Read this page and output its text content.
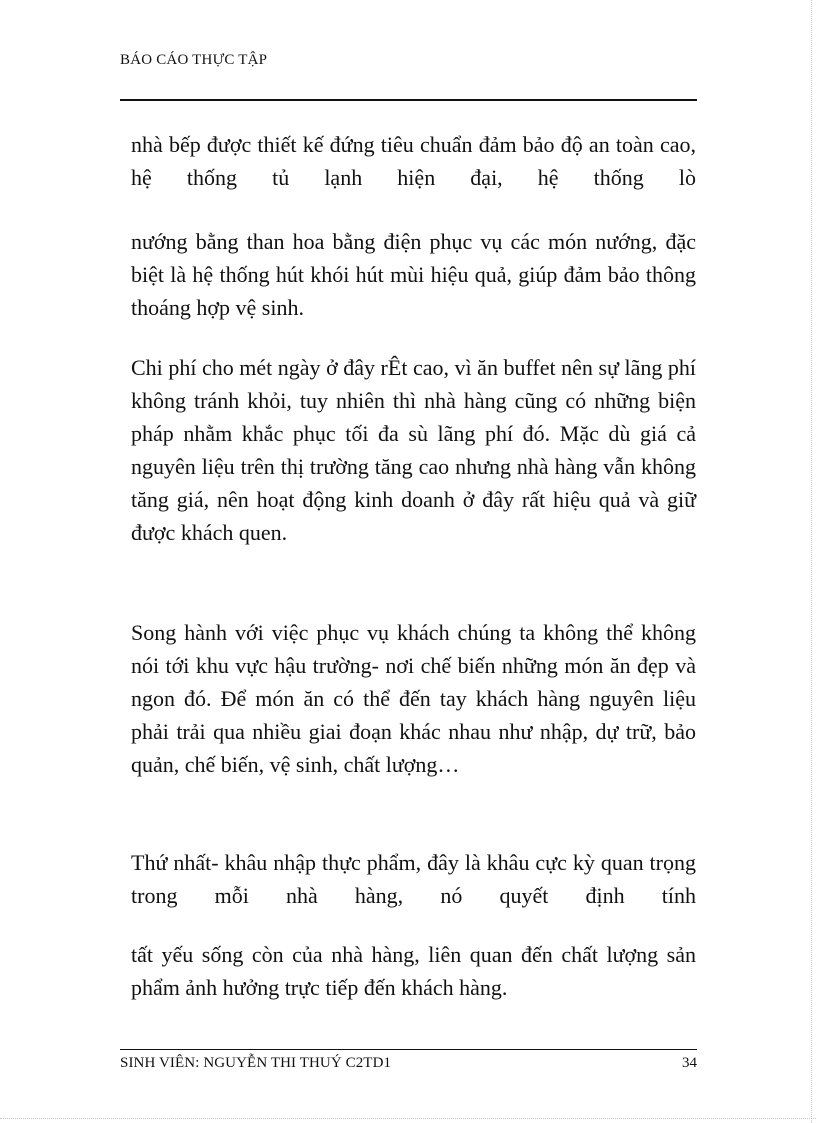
BÁO CÁO THỰC TẬP
nhà bếp được thiết kế đứng tiêu chuẩn đảm bảo độ an toàn cao, hệ thống tủ lạnh hiện đại, hệ thống lò
nướng bằng than hoa bằng điện phục vụ các món nướng, đặc biệt là hệ thống hút khói hút mùi hiệu quả, giúp đảm bảo thông thoáng hợp vệ sinh.
Chi phí cho mét ngày ở đây rÊt cao, vì ăn buffet nên sự lãng phí không tránh khỏi, tuy nhiên thì nhà hàng cũng có những biện pháp nhằm khắc phục tối đa sù lãng phí đó. Mặc dù giá cả nguyên liệu trên thị trường tăng cao nhưng nhà hàng vẫn không tăng giá, nên hoạt động kinh doanh ở đây rất hiệu quả và giữ được khách quen.
Song hành với việc phục vụ khách chúng ta không thể không nói tới khu vực hậu trường- nơi chế biến những món ăn đẹp và ngon đó. Để món ăn có thể đến tay khách hàng nguyên liệu phải trải qua nhiều giai đoạn khác nhau như nhập, dự trữ, bảo quản, chế biến, vệ sinh, chất lượng…
Thứ nhất- khâu nhập thực phẩm, đây là khâu cực kỳ quan trọng trong mỗi nhà hàng, nó quyết định tính
tất yếu sống còn của nhà hàng, liên quan đến chất lượng sản phẩm ảnh hưởng trực tiếp đến khách hàng.
SINH VIÊN: NGUYỄN THI THUÝ C2TD1	34
